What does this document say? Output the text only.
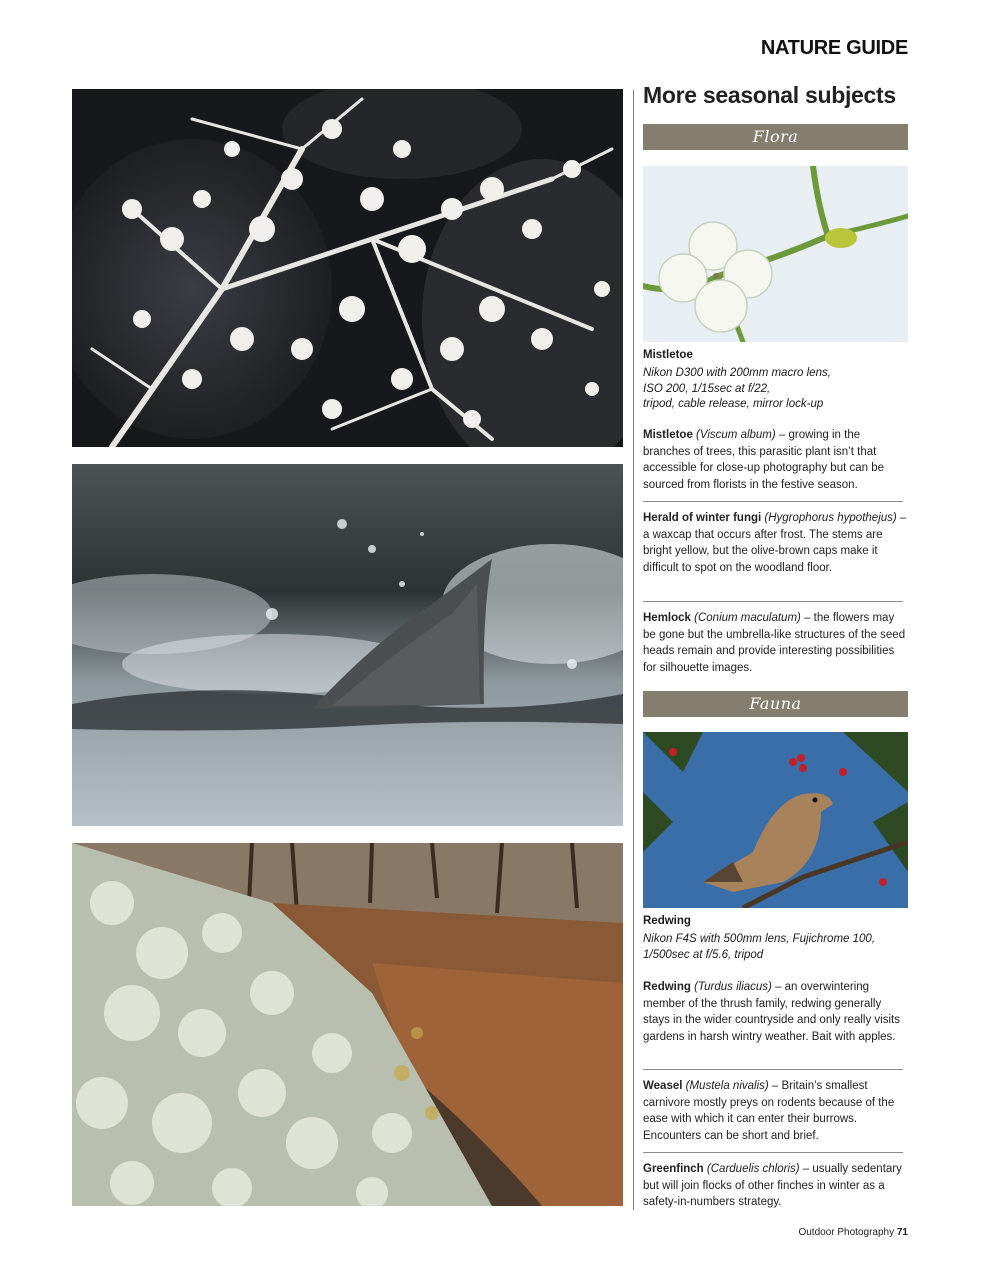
NATURE GUIDE
More seasonal subjects
Flora

Mistletoe

Nikon D300 with 200mm macro lens,

ISO 200, 1/15sec at f/22,

tripod, cable release, mirror lock-up

Mistletoe (Viscum album) – growing in the branches of trees, this parasitic plant isn’t that accessible for close-up photography but can be sourced from florists in the festive season.

Herald of winter fungi (Hygrophorus hypothejus) – a waxcap that occurs after frost. The stems are bright yellow, but the olive-brown caps make it difficult to spot on the woodland floor.

Hemlock (Conium maculatum) – the flowers may be gone but the umbrella-like structures of the seed heads remain and provide interesting possibilities for silhouette images.

Fauna

Redwing

Nikon F4S with 500mm lens, Fujichrome 100,

1/500sec at f/5.6, tripod

Redwing (Turdus iliacus) – an overwintering member of the thrush family, redwing generally stays in the wider countryside and only really visits gardens in harsh wintry weather. Bait with apples.

Weasel (Mustela nivalis) – Britain’s smallest carnivore mostly preys on rodents because of the ease with which it can enter their burrows. Encounters can be short and brief.

Greenfinch (Carduelis chloris) – usually sedentary but will join flocks of other finches in winter as a safety-in-numbers strategy.

Outdoor Photography 71
